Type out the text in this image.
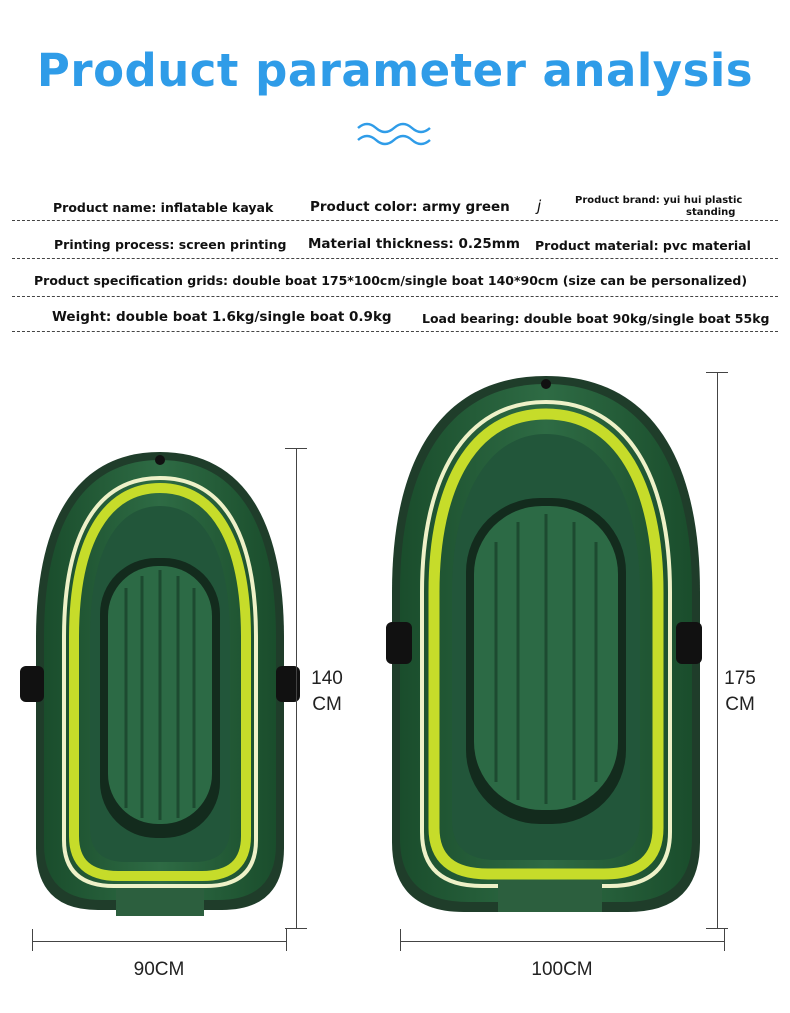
Product parameter analysis
Product name: inflatable kayak	Product color: army green j	Product brand: yui hui plastic
standing
Printing process: screen printing Material thickness: 0.25mm Product material: pvc material
Product specification grids: double boat 175*100cm/single boat 140*90cm (size can be personalized)
Weight: double boat 1.6kg/single boat 0.9kg Load bearing: double boat 90kg/single boat 55kg
140
CM
90CM
175
CM
100CM
